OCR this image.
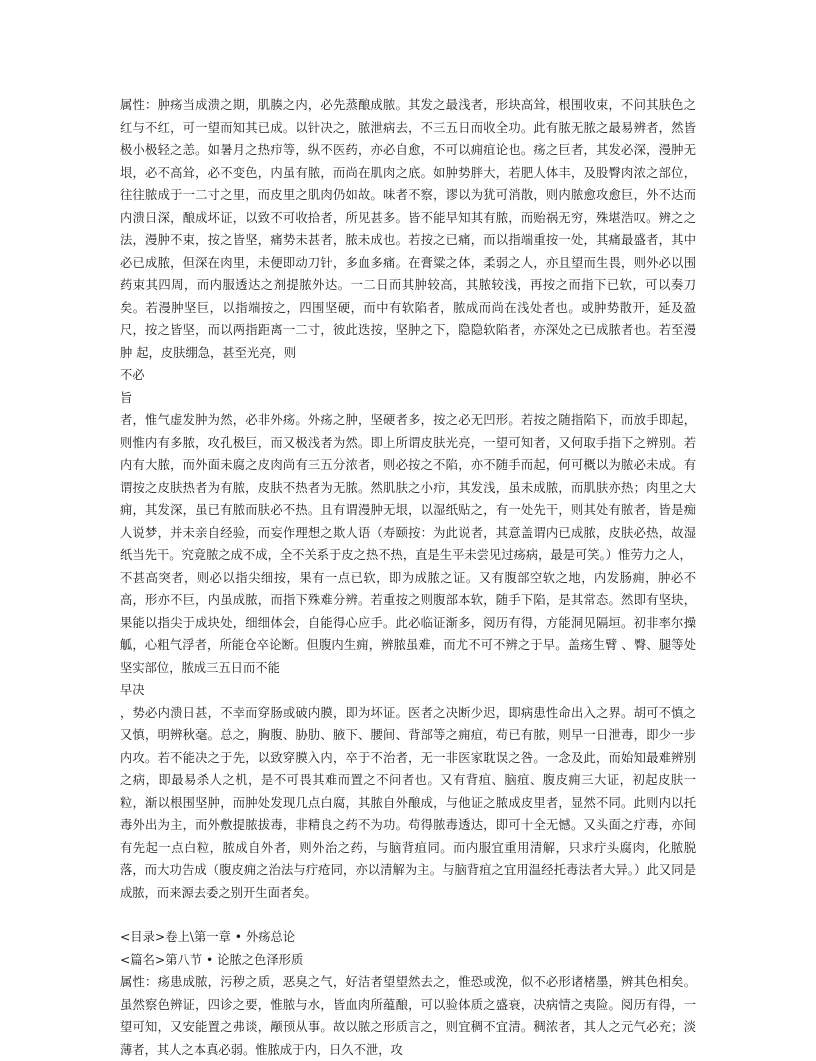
属性：肿疡当成溃之期，肌腠之内，必先蒸酿成脓。其发之最浅者，形块高耸，根围收束，不问其肤色之红与不红，可一望而知其已成。以针决之，脓泄病去，不三五日而收全功。此有脓无脓之最易辨者，然皆极小极轻之恙。如暑月之热疖等，纵不医药，亦必自愈，不可以痈疽论也。疡之巨者，其发必深，漫肿无垠，必不高耸，必不变色，内虽有脓，而尚在肌肉之底。如肿势胖大，若肥人体丰，及股臀肉浓之部位，往往脓成于一二寸之里，而皮里之肌肉仍如故。味者不察，谬以为犹可消散，则内脓愈攻愈巨，外不达而内溃日深，酿成坏证，以致不可收拾者，所见甚多。皆不能早知其有脓，而贻祸无穷，殊堪浩叹。辨之之法，漫肿不束，按之皆坚，痛势未甚者，脓未成也。若按之已痛，而以指端重按一处，其痛最盛者，其中必已成脓，但深在肉里，未便即动刀针，多血多痛。在膏粱之体，柔弱之人，亦且望而生畏，则外必以围药束其四周，而内服透达之剂提脓外达。一二日而其肿较高，其脓较浅，再按之而指下已软，可以奏刀矣。若漫肿坚巨，以指端按之，四围坚硬，而中有软陷者，脓成而尚在浅处者也。或肿势散开，延及盈尺，按之皆坚，而以两指距离一二寸，彼此迭按，坚肿之下，隐隐软陷者，亦深处之已成脓者也。若至漫肿 起，皮肤绷急，甚至光亮，则

不必

旨

者，惟气虚发肿为然，必非外疡。外疡之肿，坚硬者多，按之必无凹形。若按之随指陷下，而放手即起，则惟内有多脓，攻孔极巨，而又极浅者为然。即上所谓皮肤光亮，一望可知者，又何取手指下之辨别。若内有大脓，而外面未腐之皮肉尚有三五分浓者，则必按之不陷，亦不随手而起，何可概以为脓必未成。有谓按之皮肤热者为有脓，皮肤不热者为无脓。然肌肤之小疖，其发浅，虽未成脓，而肌肤亦热；肉里之大痈，其发深，虽已有脓而肤必不热。且有谓漫肿无垠，以湿纸贴之，有一处先干，则其处有脓者，皆是痴人说梦，并未亲自经验，而妄作理想之欺人语（寿颐按：为此说者，其意盖谓内已成脓，皮肤必热，故湿纸当先干。究竟脓之成不成，全不关系于皮之热不热，直是生平未尝见过疡病，最是可笑。）惟劳力之人，

不甚高突者，则必以指尖细按，果有一点已软，即为成脓之证。又有腹部空软之地，内发肠痈，肿必不高，形亦不巨，内虽成脓，而指下殊难分辨。若重按之则腹部本软，随手下陷，是其常态。然即有坚块，果能以指尖于成块处，细细体会，自能得心应手。此必临证渐多，阅历有得，方能洞见隔垣。初非率尔操觚，心粗气浮者，所能仓卒论断。但腹内生痈，辨脓虽难，而尤不可不辨之于早。盖疡生臂 、臀、腿等处坚实部位，脓成三五日而不能

早决

，势必内溃日甚，不幸而穿肠或破内膜，即为坏证。医者之决断少迟，即病患性命出入之界。胡可不慎之又慎，明辨秋毫。总之，胸腹、胁肋、腋下、腰间、背部等之痈疽，苟已有脓，则早一日泄毒，即少一步内攻。若不能决之于先，以致穿膜入内，卒于不治者，无一非医家耽误之咎。一念及此，而始知最难辨别之病，即最易杀人之机，是不可畏其难而置之不问者也。又有背疽、脑疽、腹皮痈三大证，初起皮肤一粒，渐以根围坚肿，而肿处发现几点白腐，其脓自外酿成，与他证之脓成皮里者，显然不同。此则内以托毒外出为主，而外敷提脓拔毒，非精良之药不为功。苟得脓毒透达，即可十全无憾。又头面之疔毒，亦间有先起一点白粒，脓成自外者，则外治之药，与脑背疽同。而内服宜重用清解，只求疔头腐肉，化脓脱落，而大功告成（腹皮痈之治法与疔疮同，亦以清解为主。与脑背疽之宜用温经托毒法者大异。）此又同是成脓，而来源去委之别开生面者矣。

<目录>卷上\第一章 • 外疡总论

<篇名>第八节 • 论脓之色泽形质

属性：疡患成脓，污秽之质，恶臭之气，好洁者望望然去之，惟恐或浼，似不必形诸楮墨，辨其色相矣。虽然察色辨证，四诊之要，惟脓与水，皆血肉所蕴酿，可以验体质之盛衰，决病情之夷险。阅历有得，一望可知，又安能置之弗谈，颟顸从事。故以脓之形质言之，则宜稠不宜清。稠浓者，其人之元气必充；淡薄者，其人之本真必弱。惟脓成于内，日久不泄，攻
